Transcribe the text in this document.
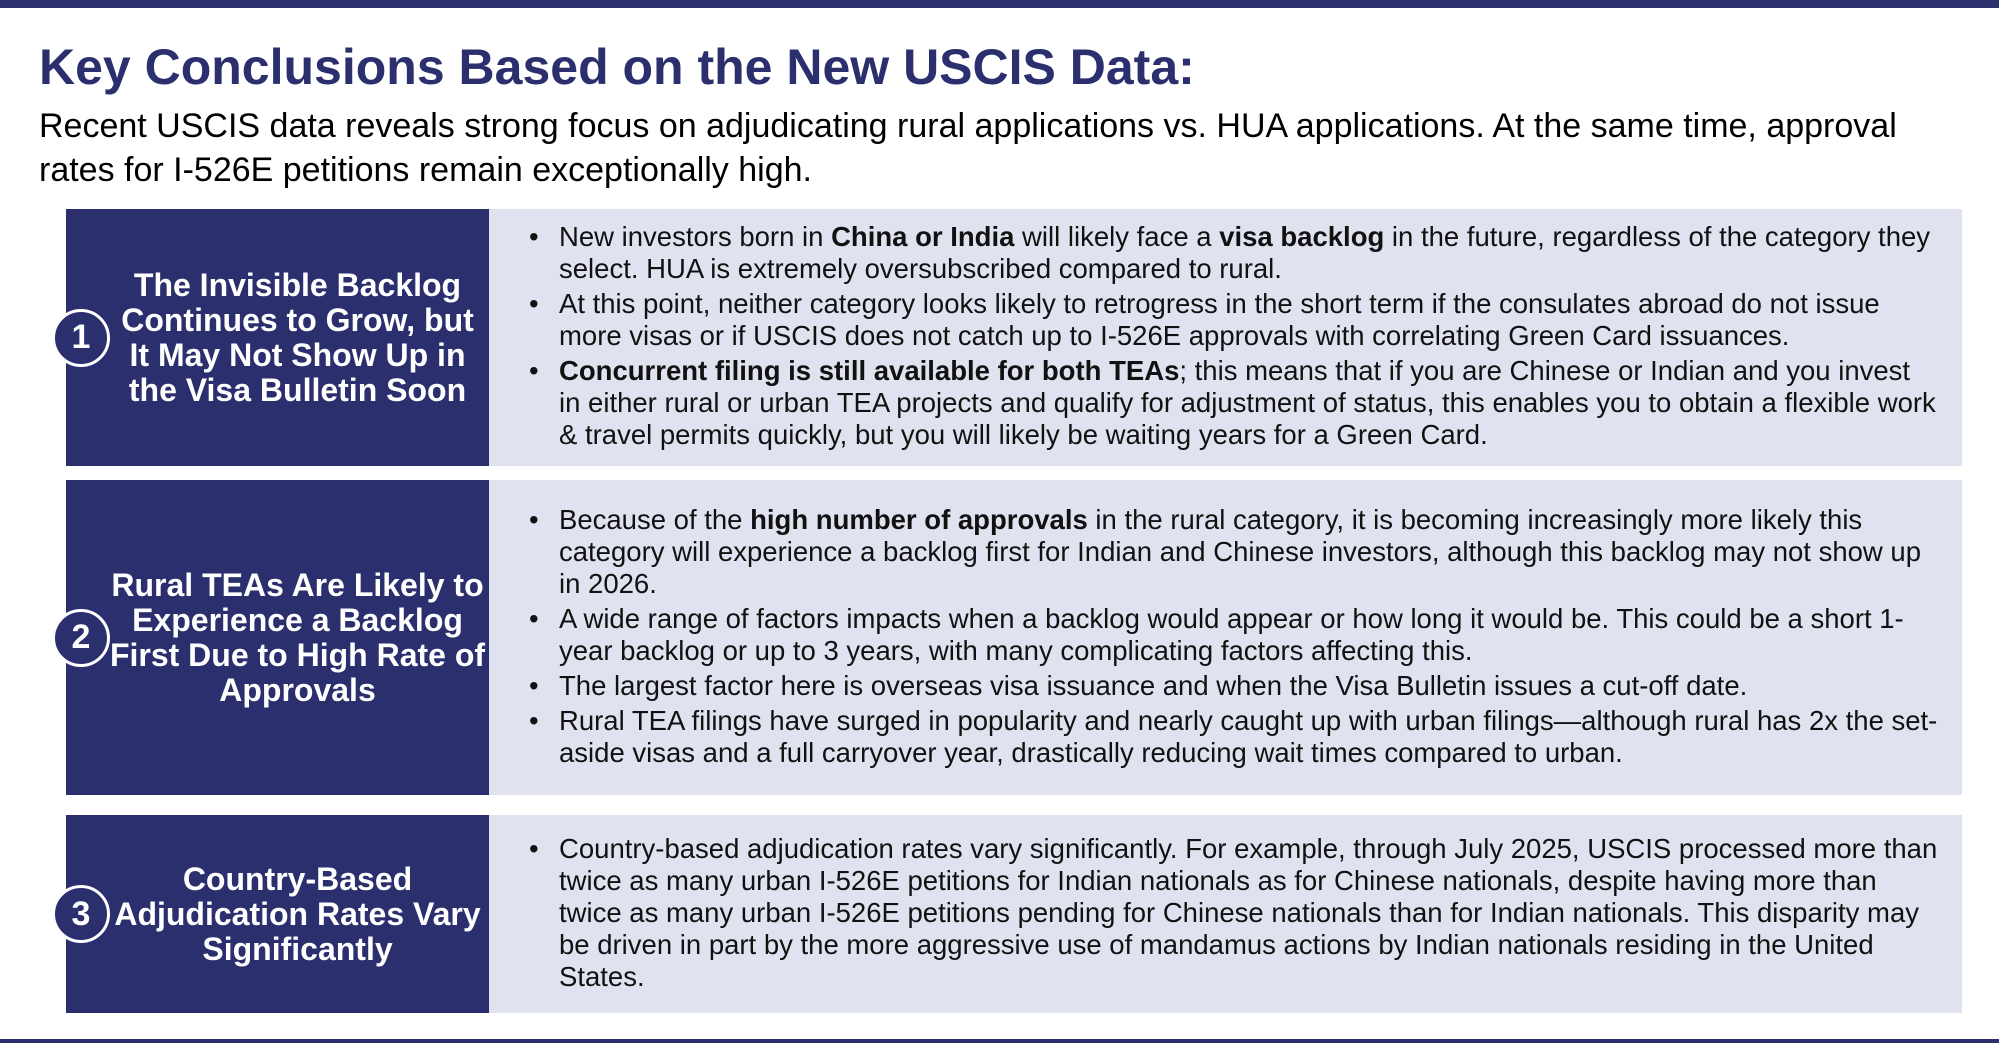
Key Conclusions Based on the New USCIS Data:
Recent USCIS data reveals strong focus on adjudicating rural applications vs. HUA applications. At the same time, approval rates for I-526E petitions remain exceptionally high.
1
The Invisible Backlog Continues to Grow, but It May Not Show Up in the Visa Bulletin Soon
• New investors born in China or India will likely face a visa backlog in the future, regardless of the category they select. HUA is extremely oversubscribed compared to rural.
• At this point, neither category looks likely to retrogress in the short term if the consulates abroad do not issue more visas or if USCIS does not catch up to I-526E approvals with correlating Green Card issuances.
• Concurrent filing is still available for both TEAs; this means that if you are Chinese or Indian and you invest in either rural or urban TEA projects and qualify for adjustment of status, this enables you to obtain a flexible work & travel permits quickly, but you will likely be waiting years for a Green Card.
2
Rural TEAs Are Likely to Experience a Backlog First Due to High Rate of Approvals
• Because of the high number of approvals in the rural category, it is becoming increasingly more likely this category will experience a backlog first for Indian and Chinese investors, although this backlog may not show up in 2026.
• A wide range of factors impacts when a backlog would appear or how long it would be. This could be a short 1-year backlog or up to 3 years, with many complicating factors affecting this.
• The largest factor here is overseas visa issuance and when the Visa Bulletin issues a cut-off date.
• Rural TEA filings have surged in popularity and nearly caught up with urban filings—although rural has 2x the set-aside visas and a full carryover year, drastically reducing wait times compared to urban.
3
Country-Based Adjudication Rates Vary Significantly
• Country-based adjudication rates vary significantly. For example, through July 2025, USCIS processed more than twice as many urban I-526E petitions for Indian nationals as for Chinese nationals, despite having more than twice as many urban I-526E petitions pending for Chinese nationals than for Indian nationals. This disparity may be driven in part by the more aggressive use of mandamus actions by Indian nationals residing in the United States.
